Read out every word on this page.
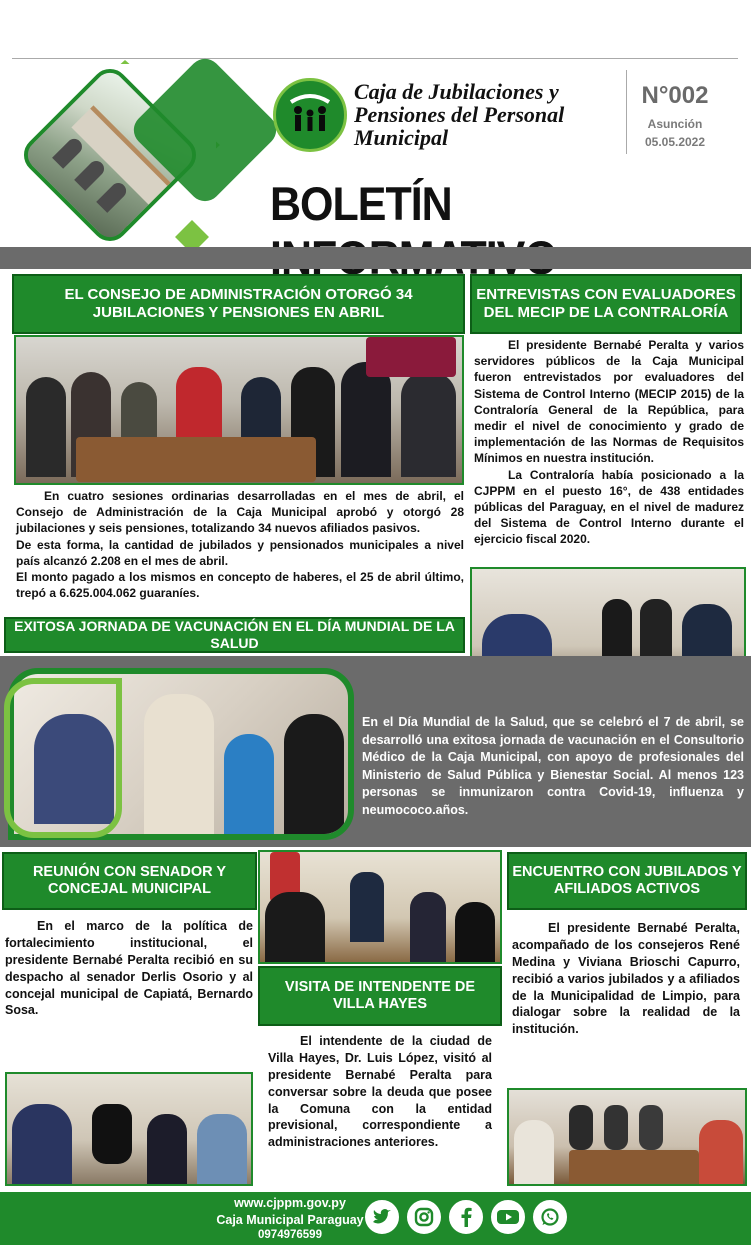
Caja de Jubilaciones y
Pensiones del Personal
Municipal
N°002
Asunción
05.05.2022
BOLETÍN
EL CONSEJO DE ADMINISTRACIÓN OTORGÓ 34
JUBILACIONES Y PENSIONES EN ABRIL

En cuatro sesiones ordinarias desarrolladas en el mes de abril, el Consejo de Administración de la Caja Municipal aprobó y otorgó 28 jubilaciones y seis pensiones, totalizando 34 nuevos afiliados pasivos.

De esta forma, la cantidad de jubilados y pensionados municipales a nivel país alcanzó 2.208 en el mes de abril.

El monto pagado a los mismos en concepto de haberes, el 25 de abril último, trepó a 6.625.004.062 guaraníes.

ENTREVISTAS CON EVALUADORES
DEL MECIP DE LA CONTRALORÍA

El presidente Bernabé Peralta y varios servidores públicos de la Caja Municipal fueron entrevistados por evaluadores del Sistema de Control Interno (MECIP 2015) de la Contraloría General de la República, para medir el nivel de conocimiento y grado de implementación de las Normas de Requisitos Mínimos en nuestra institución.

La Contraloría había posicionado a la CJPPM en el puesto 16°, de 438 entidades públicas del Paraguay, en el nivel de madurez del Sistema de Control Interno durante el ejercicio fiscal 2020.

EXITOSA JORNADA DE VACUNACIÓN EN EL DÍA MUNDIAL DE LA SALUD
En el Día Mundial de la Salud, que se celebró el 7 de abril, se desarrolló una exitosa jornada de vacunación en el Consultorio Médico de la Caja Municipal, con apoyo de profesionales del Ministerio de Salud Pública y Bienestar Social. Al menos 123 personas se inmunizaron contra Covid-19, influenza y neumococo.años.
REUNIÓN CON SENADOR Y
CONCEJAL MUNICIPAL

En el marco de la política de fortalecimiento institucional, el presidente Bernabé Peralta recibió en su despacho al senador Derlis Osorio y al concejal municipal de Capiatá, Bernardo Sosa.

VISITA DE INTENDENTE DE
VILLA HAYES

El intendente de la ciudad de Villa Hayes, Dr. Luis López, visitó al presidente Bernabé Peralta para conversar sobre la deuda que posee la Comuna con la entidad previsional, correspondiente a administraciones anteriores.

ENCUENTRO CON JUBILADOS Y
AFILIADOS ACTIVOS

El presidente Bernabé Peralta, acompañado de los consejeros René Medina y Viviana Brioschi Capurro, recibió a varios jubilados y a afiliados de la Municipalidad de Limpio, para dialogar sobre la realidad de la institución.

www.cjppm.gov.py
Caja Municipal Paraguay
0974976599
